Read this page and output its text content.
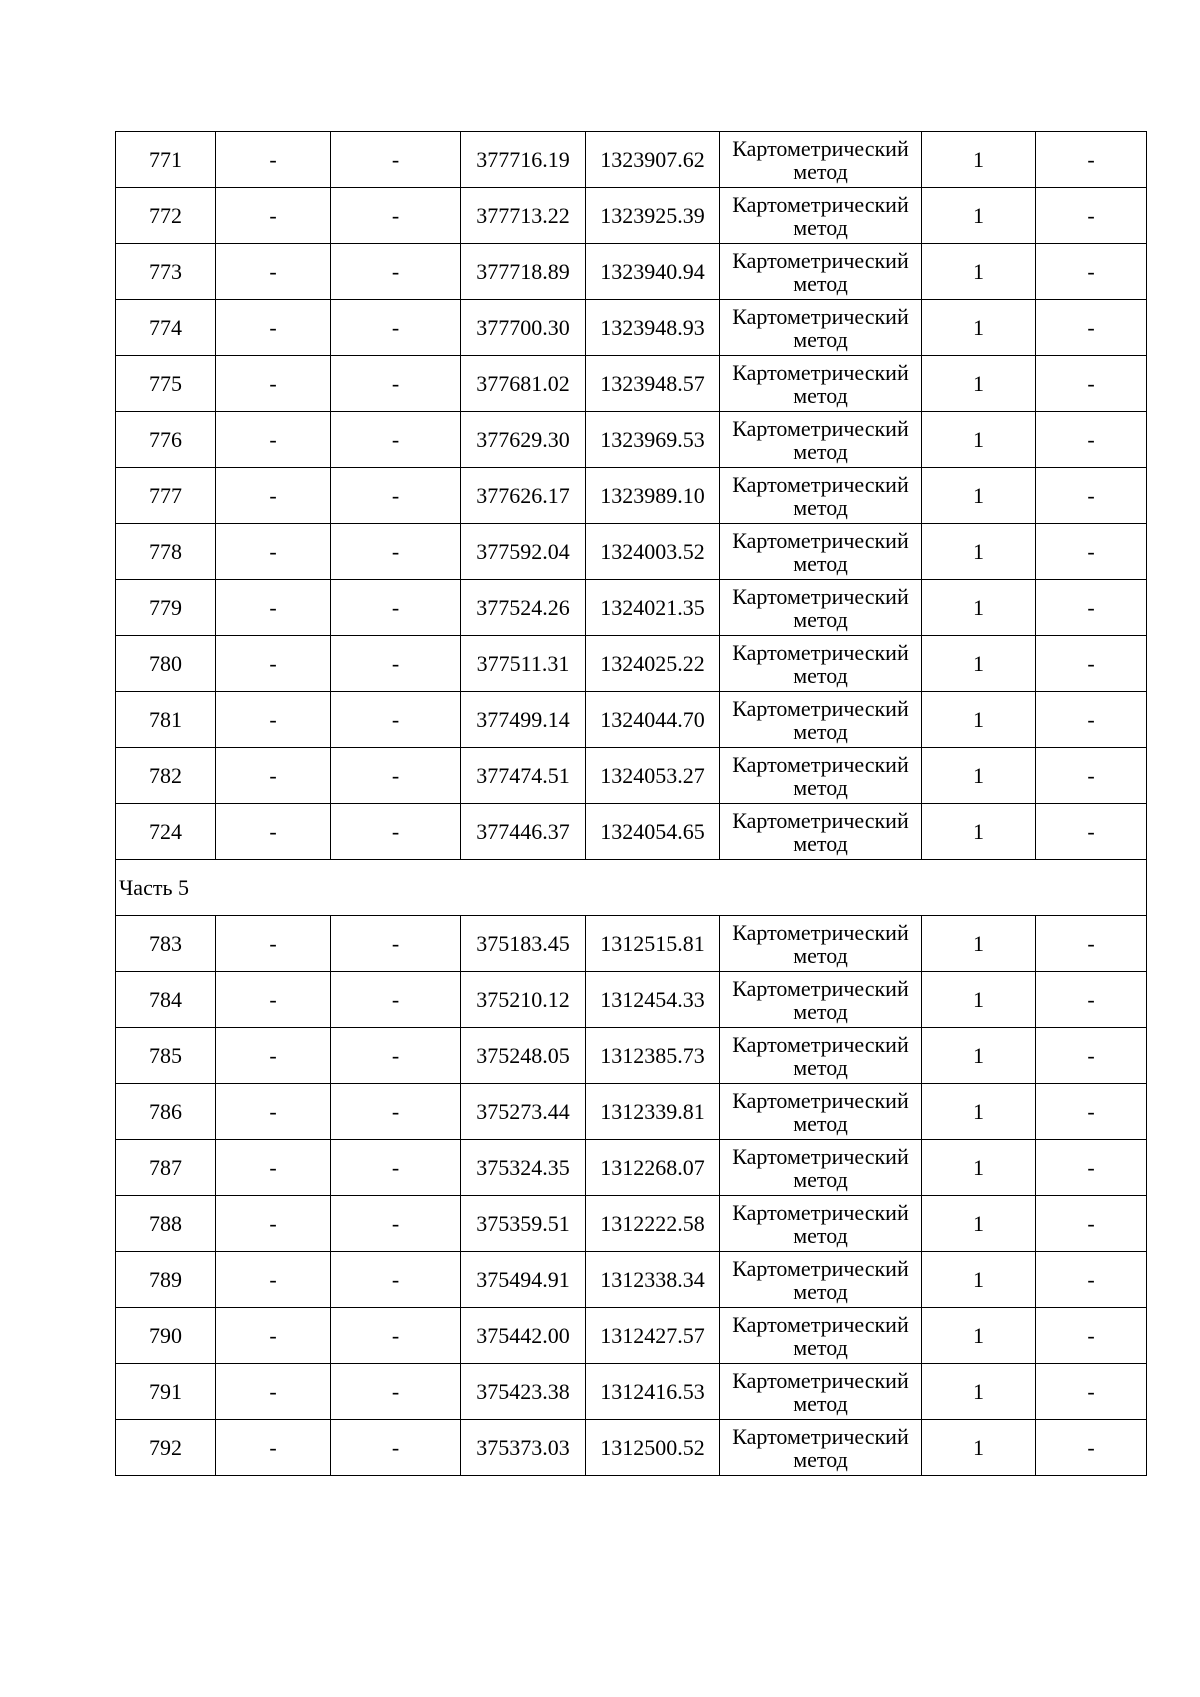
771	-	-	377716.19	1323907.62	Картометрический метод	1	-
772	-	-	377713.22	1323925.39	Картометрический метод	1	-
773	-	-	377718.89	1323940.94	Картометрический метод	1	-
774	-	-	377700.30	1323948.93	Картометрический метод	1	-
775	-	-	377681.02	1323948.57	Картометрический метод	1	-
776	-	-	377629.30	1323969.53	Картометрический метод	1	-
777	-	-	377626.17	1323989.10	Картометрический метод	1	-
778	-	-	377592.04	1324003.52	Картометрический метод	1	-
779	-	-	377524.26	1324021.35	Картометрический метод	1	-
780	-	-	377511.31	1324025.22	Картометрический метод	1	-
781	-	-	377499.14	1324044.70	Картометрический метод	1	-
782	-	-	377474.51	1324053.27	Картометрический метод	1	-
724	-	-	377446.37	1324054.65	Картометрический метод	1	-
Часть 5							
783	-	-	375183.45	1312515.81	Картометрический метод	1	-
784	-	-	375210.12	1312454.33	Картометрический метод	1	-
785	-	-	375248.05	1312385.73	Картометрический метод	1	-
786	-	-	375273.44	1312339.81	Картометрический метод	1	-
787	-	-	375324.35	1312268.07	Картометрический метод	1	-
788	-	-	375359.51	1312222.58	Картометрический метод	1	-
789	-	-	375494.91	1312338.34	Картометрический метод	1	-
790	-	-	375442.00	1312427.57	Картометрический метод	1	-
791	-	-	375423.38	1312416.53	Картометрический метод	1	-
792	-	-	375373.03	1312500.52	Картометрический метод	1	-
